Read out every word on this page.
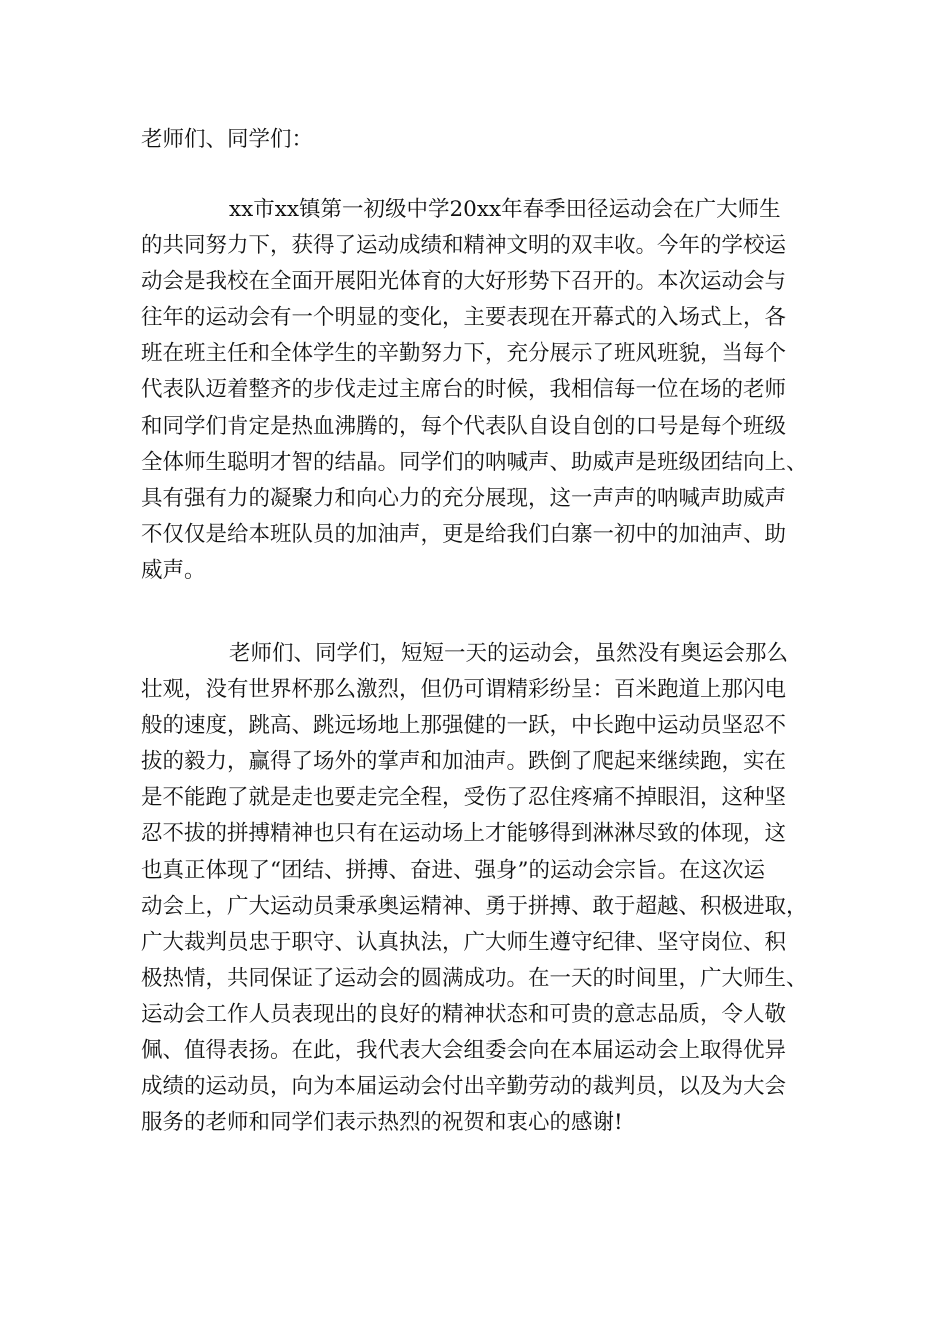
老师们、同学们：

xx市xx镇第一初级中学20xx年春季田径运动会在广大师生
的共同努力下，获得了运动成绩和精神文明的双丰收。今年的学校运
动会是我校在全面开展阳光体育的大好形势下召开的。本次运动会与
往年的运动会有一个明显的变化，主要表现在开幕式的入场式上，各
班在班主任和全体学生的辛勤努力下，充分展示了班风班貌，当每个
代表队迈着整齐的步伐走过主席台的时候，我相信每一位在场的老师
和同学们肯定是热血沸腾的，每个代表队自设自创的口号是每个班级
全体师生聪明才智的结晶。同学们的呐喊声、助威声是班级团结向上、
具有强有力的凝聚力和向心力的充分展现，这一声声的呐喊声助威声
不仅仅是给本班队员的加油声，更是给我们白寨一初中的加油声、助
威声。
老师们、同学们，短短一天的运动会，虽然没有奥运会那么
壮观，没有世界杯那么激烈，但仍可谓精彩纷呈：百米跑道上那闪电
般的速度，跳高、跳远场地上那强健的一跃，中长跑中运动员坚忍不
拔的毅力，赢得了场外的掌声和加油声。跌倒了爬起来继续跑，实在
是不能跑了就是走也要走完全程，受伤了忍住疼痛不掉眼泪，这种坚
忍不拔的拼搏精神也只有在运动场上才能够得到淋淋尽致的体现，这
也真正体现了“团结、拼搏、奋进、强身”的运动会宗旨。在这次运
动会上，广大运动员秉承奥运精神、勇于拼搏、敢于超越、积极进取，
广大裁判员忠于职守、认真执法，广大师生遵守纪律、坚守岗位、积
极热情，共同保证了运动会的圆满成功。在一天的时间里，广大师生、
运动会工作人员表现出的良好的精神状态和可贵的意志品质，令人敬
佩、值得表扬。在此，我代表大会组委会向在本届运动会上取得优异
成绩的运动员，向为本届运动会付出辛勤劳动的裁判员，以及为大会
服务的老师和同学们表示热烈的祝贺和衷心的感谢!
